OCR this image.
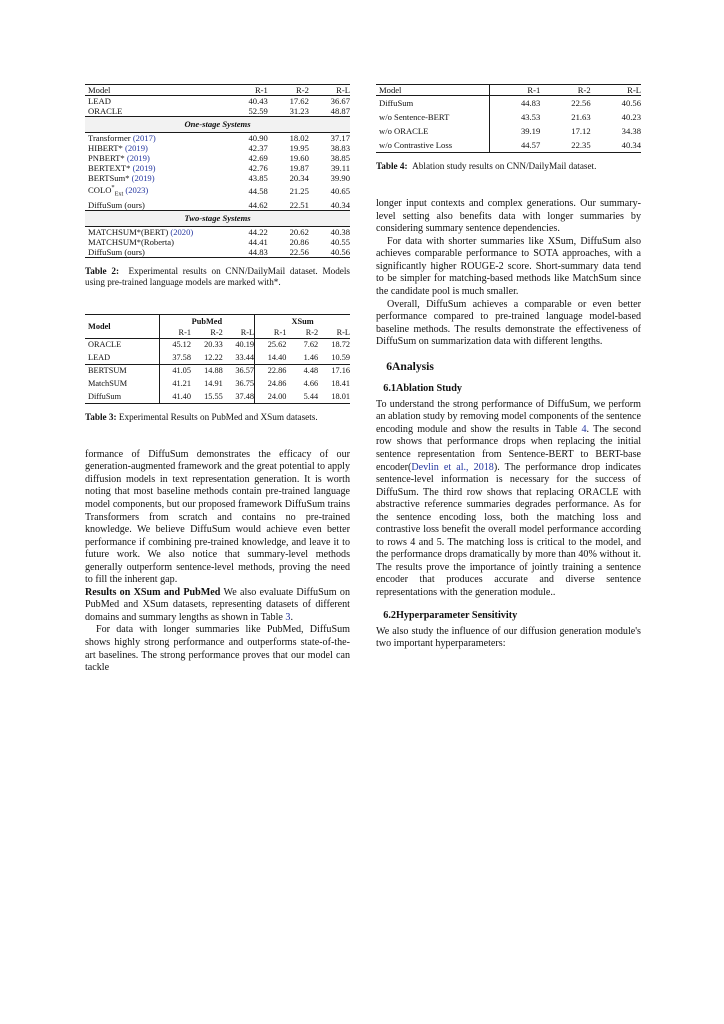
Model	R-1	R-2	R-L
LEAD	40.43	17.62	36.67
ORACLE	52.59	31.23	48.87
One-stage Systems			
Transformer (2017)	40.90	18.02	37.17
HIBERT* (2019)	42.37	19.95	38.83
PNBERT* (2019)	42.69	19.60	38.85
BERTEXT* (2019)	42.76	19.87	39.11
BERTSum* (2019)	43.85	20.34	39.90
$COLO^*_{Ext}$ (2023)	44.58	21.25	40.65
DiffuSum (ours)	44.62	22.51	40.34
Two-stage Systems			
MATCHSUM*(BERT) (2020)	44.22	20.62	40.38
MATCHSUM*(Roberta)	44.41	20.86	40.55
DiffuSum (ours)	44.83	22.56	40.56

Table 2: Experimental results on CNN/DailyMail dataset. Models using pre-trained language models are marked with*.

Model	PubMed			XSum		
	R-1	R-2	R-L	R-1	R-2	R-L
ORACLE	45.12	20.33	40.19	25.62	7.62	18.72
LEAD	37.58	12.22	33.44	14.40	1.46	10.59
BERTSUM	41.05	14.88	36.57	22.86	4.48	17.16
MatchSUM	41.21	14.91	36.75	24.86	4.66	18.41
DiffuSum	41.40	15.55	37.48	24.00	5.44	18.01

Table 3: Experimental Results on PubMed and XSum datasets.

formance of DiffuSum demonstrates the efficacy of our generation-augmented framework and the great potential to apply diffusion models in text representation generation. It is worth noting that most baseline methods contain pre-trained language model components, but our proposed framework DiffuSum trains Transformers from scratch and contains no pre-trained knowledge. We believe DiffuSum would achieve even better performance if combining pre-trained knowledge, and leave it to future work. We also notice that summary-level methods generally outperform sentence-level methods, proving the need to fill the inherent gap.

Results on XSum and PubMed We also evaluate DiffuSum on PubMed and XSum datasets, representing datasets of different domains and summary lengths as shown in Table 3.

For data with longer summaries like PubMed, DiffuSum shows highly strong performance and outperforms state-of-the-art baselines. The strong performance proves that our model can tackle

Model	R-1	R-2	R-L
DiffuSum	44.83	22.56	40.56
w/o Sentence-BERT	43.53	21.63	40.23
w/o ORACLE	39.19	17.12	34.38
w/o Contrastive Loss	44.57	22.35	40.34

Table 4: Ablation study results on CNN/DailyMail dataset.

longer input contexts and complex generations. Our summary-level setting also benefits data with longer summaries by considering summary sentence dependencies.

For data with shorter summaries like XSum, DiffuSum also achieves comparable performance to SOTA approaches, with a significantly higher ROUGE-2 score. Short-summary data tend to be simpler for matching-based methods like MatchSum since the candidate pool is much smaller.

Overall, DiffuSum achieves a comparable or even better performance compared to pre-trained language model-based baseline methods. The results demonstrate the effectiveness of DiffuSum on summarization data with different lengths.

6Analysis
6.1Ablation Study

To understand the strong performance of DiffuSum, we perform an ablation study by removing model components of the sentence encoding module and show the results in Table 4. The second row shows that performance drops when replacing the initial sentence representation from Sentence-BERT to BERT-base encoder(Devlin et al., 2018). The performance drop indicates sentence-level information is necessary for the success of DiffuSum. The third row shows that replacing ORACLE with abstractive reference summaries degrades performance. As for the sentence encoding loss, both the matching loss and contrastive loss benefit the overall model performance according to rows 4 and 5. The matching loss is critical to the model, and the performance drops dramatically by more than 40% without it. The results prove the importance of jointly training a sentence encoder that produces accurate and diverse sentence representations with the generation module..

6.2Hyperparameter Sensitivity

We also study the influence of our diffusion generation module's two important hyperparameters:
